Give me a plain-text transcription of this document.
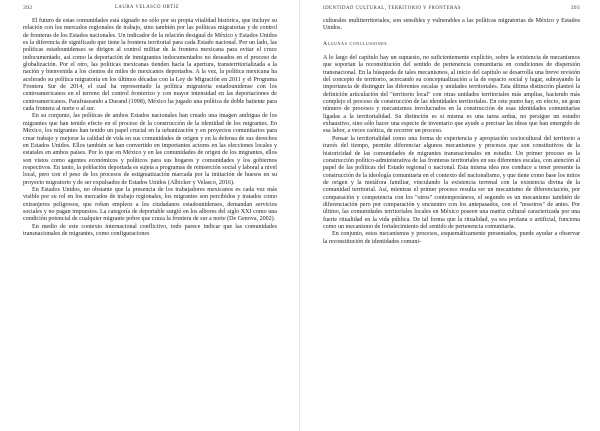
392	LAURA VELASCO ORTIZ

El futuro de estas comunidades está signado no sólo por su propia vitalidad histórica, que incluye su relación con los mercados regionales de trabajo, sino también por las políticas migratorias y de control de fronteras de los Estados nacionales. Un indicador de la relación desigual de México y Estados Unidos es la diferencia de significado que tiene la frontera territorial para cada Estado nacional. Por un lado, las políticas estadounidenses se dirigen al control militar de la frontera mexicana para evitar el cruce indocumentado, así como la deportación de inmigrantes indocumentados no deseados en el proceso de globalización. Por el otro, las políticas mexicanas tienden hacia la apertura, transterritorializada a la nación y bienvenida a los cientos de miles de mexicanos deportados. A la vez, la política mexicana ha acelerado su política migratoria en los últimos décadas con la Ley de Migración en 2011 y el Programa Frontera Sur de 2014, el cual ha representado la política migratoria estadounidense con los centroamericanos en el terreno del control fronterizo y con mayor intensidad en las deportaciones de centroamericanos. Parafraseando a Durand (1998), México ha jugado una política de doble batiente para cada frontera al norte o al sur.

En su conjunto, las políticas de ambos Estados nacionales han creado una imagen ambigua de los migrantes que han tenido efecto en el proceso de la construcción de la identidad de los migrantes. En México, los migrantes han tenido un papel crucial en la urbanización y en proyectos comunitarios para crear trabajo y mejorar la calidad de vida en sus comunidades de origen y en la defensa de sus derechos en Estados Unidos. Ellos también se han convertido en importantes actores en las elecciones locales y estatales en ambos países. Por lo que en México y en las comunidades de origen de los migrantes, ellos son vistos como agentes económicos y políticos para sus hogares y comunidades y los gobiernos respectivos. En tanto, la población deportada es sujeta a programas de reinserción social y laboral a nivel local, pero con el peso de los procesos de estigmatización marcada por la imitación de huesos en su proyecto migratorio y de ser expulsados de Estados Unidos (Albicker y Velasco, 2016).

En Estados Unidos, no obstante que la presencia de los trabajadores mexicanos es cada vez más visible por su rol en los mercados de trabajo regionales, los migrantes son percibidos y tratados como extranjeros peligrosos, que roban empleos a los ciudadanos estadounidenses, demandan servicios sociales y no pagan impuestos. La categoría de deportable surgió en los albores del siglo XXI como una condición potencial de cualquier migrante pobre que cruza la frontera de sur a norte (De Genova, 2002).

En medio de este contexto internacional conflictivo, todo parece indicar que las comunidades transnacionales de migrantes, como configuraciones

IDENTIDAD CULTURAL, TERRITORIO Y FRONTERAS	393

culturales multiterritoriales, son sensibles y vulnerables a las políticas migratorias de México y Estados Unidos.

Algunas conclusiones

A lo largo del capítulo hay un supuesto, no suficientemente explícito, sobre la existencia de mecanismos que soportan la reconstitución del sentido de pertenencia comunitaria en condiciones de dispersión transnacional. En la búsqueda de tales mecanismos, al inicio del capítulo se desarrolla una breve revisión del concepto de territorio, acercando su conceptualización a la de espacio social y lugar, subrayando la importancia de distinguir las diferentes escalas y unidades territoriales. Esta última distinción planteó la definición articulación del "territorio local" con otras unidades territoriales más amplias, haciendo más complejo el proceso de construcción de las identidades territoriales. En este punto hay, en efecto, un gran número de procesos y mecanismos involucrados en la construcción de esas identidades comunitarias ligadas a la territorialidad. Su distinción es si misma es una tarea ardua, no persigue un estudio exhaustivo, sino sólo hacer una especie de inventario que ayude a precisar las ideas que han emergido de esa labor, a veces caótica, de recorrer un proceso.

Pensar la territorialidad como una forma de experiencia y apropiación sociocultural del territorio a través del tiempo, permite diferenciar algunos mecanismos y procesos que son constitutivos de la historicidad de las comunidades de migrantes transnacionales en estudio. Un primer proceso es la construcción político-administrativa de las fronteras territoriales en sus diferentes escalas, con atención al papel de las políticas del Estado regional o nacional. Esta misma idea nos conduce a tener presente la construcción de la ideología comunitaria en el contexto del nacionalismo, y que tiene como base los mitos de origen y la metáfora familiar, vinculando la existencia terrenal con la existencia divina de la comunidad territorial. Así, mientras el primer proceso resulta ser un mecanismo de diferenciación, por comparación y competencia con los "otros" contemporáneos, el segundo es un mecanismo también de diferenciación pero por comparación y encuentro con los antepasados, con el "nosotros" de antes. Por último, las comunidades territoriales locales en México poseen una matriz cultural caracterizada por una fuerte ritualidad en la vida pública. De tal forma que la ritualidad, ya sea profana o artificial, funciona como un mecanismo de fortalecimiento del sentido de pertenencia comunitaria.

En conjunto, estos mecanismos y procesos, esquemáticamente presentados, puede ayudar a observar la reconstitución de identidades comuni-
